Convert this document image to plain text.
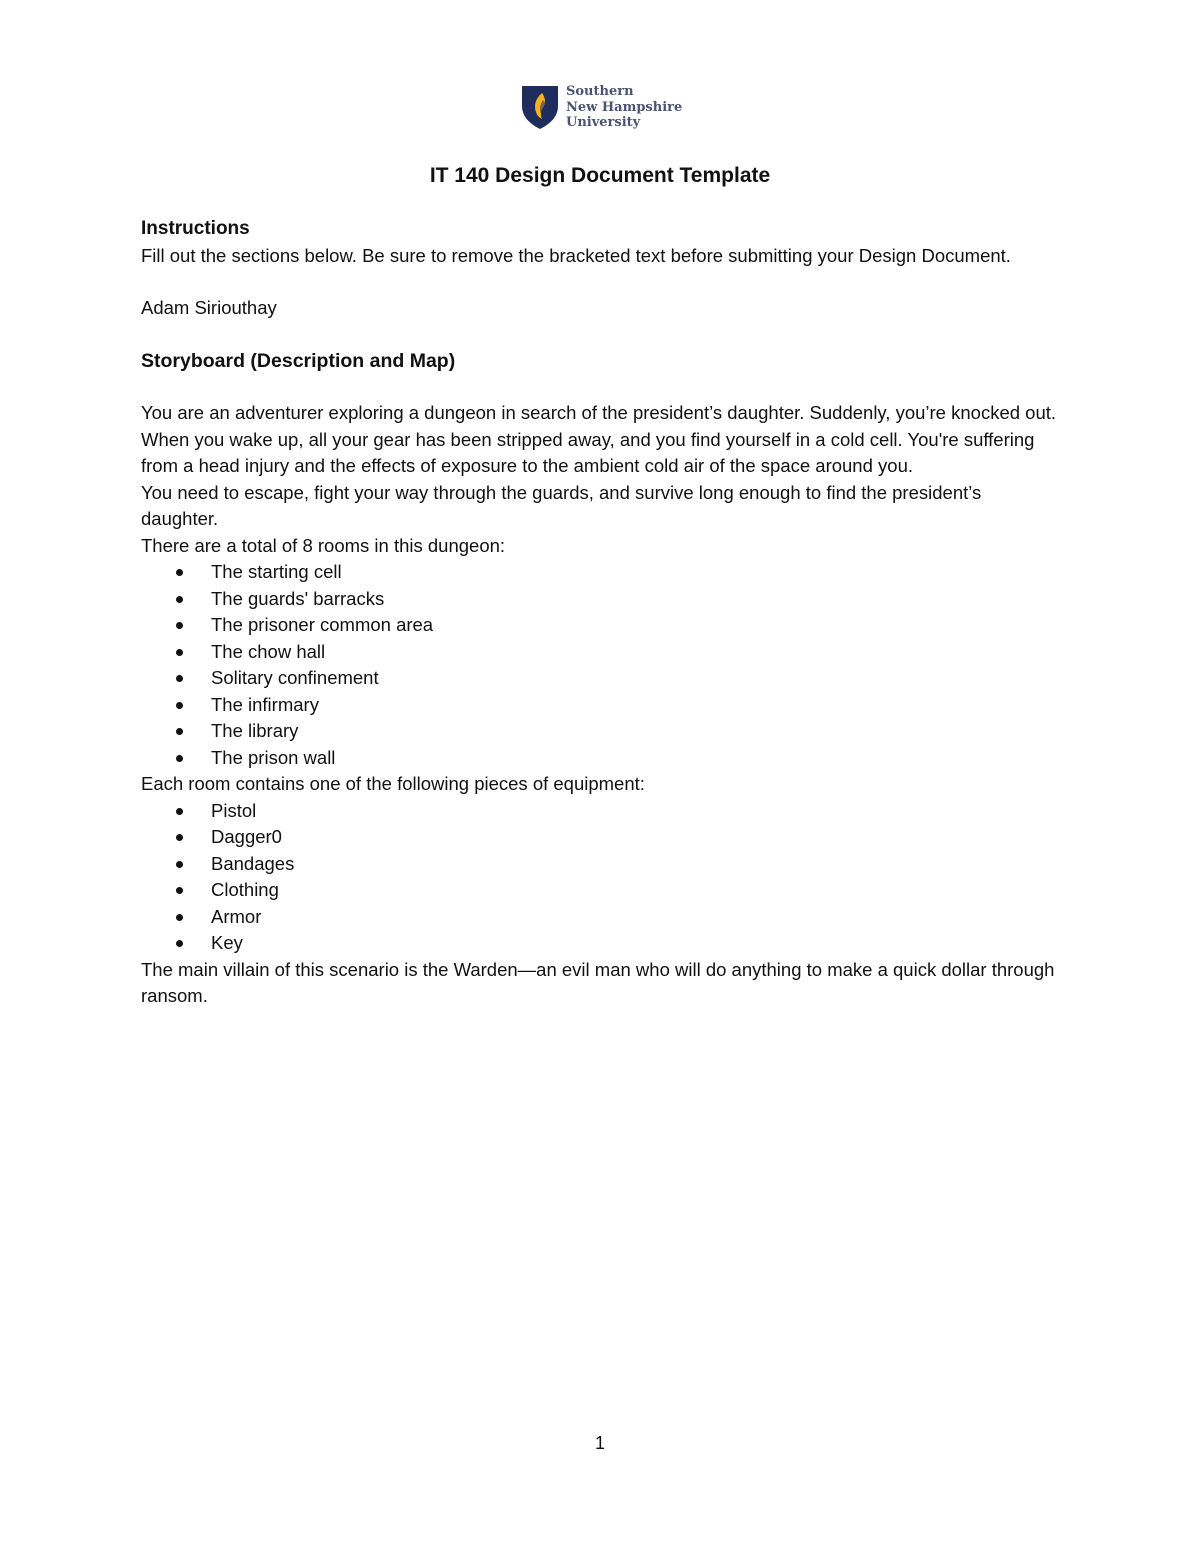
Southern
New Hampshire
University
IT 140 Design Document Template

Instructions

Fill out the sections below. Be sure to remove the bracketed text before submitting your Design Document.

Adam Siriouthay

Storyboard (Description and Map)

You are an adventurer exploring a dungeon in search of the president’s daughter. Suddenly, you’re knocked out. When you wake up, all your gear has been stripped away, and you find yourself in a cold cell. You're suffering from a head injury and the effects of exposure to the ambient cold air of the space around you.

You need to escape, fight your way through the guards, and survive long enough to find the president’s daughter.

There are a total of 8 rooms in this dungeon:

The starting cell
The guards' barracks
The prisoner common area
The chow hall
Solitary confinement
The infirmary
The library
The prison wall

Each room contains one of the following pieces of equipment:

Pistol
Dagger0
Bandages
Clothing
Armor
Key

The main villain of this scenario is the Warden—an evil man who will do anything to make a quick dollar through ransom.

1
